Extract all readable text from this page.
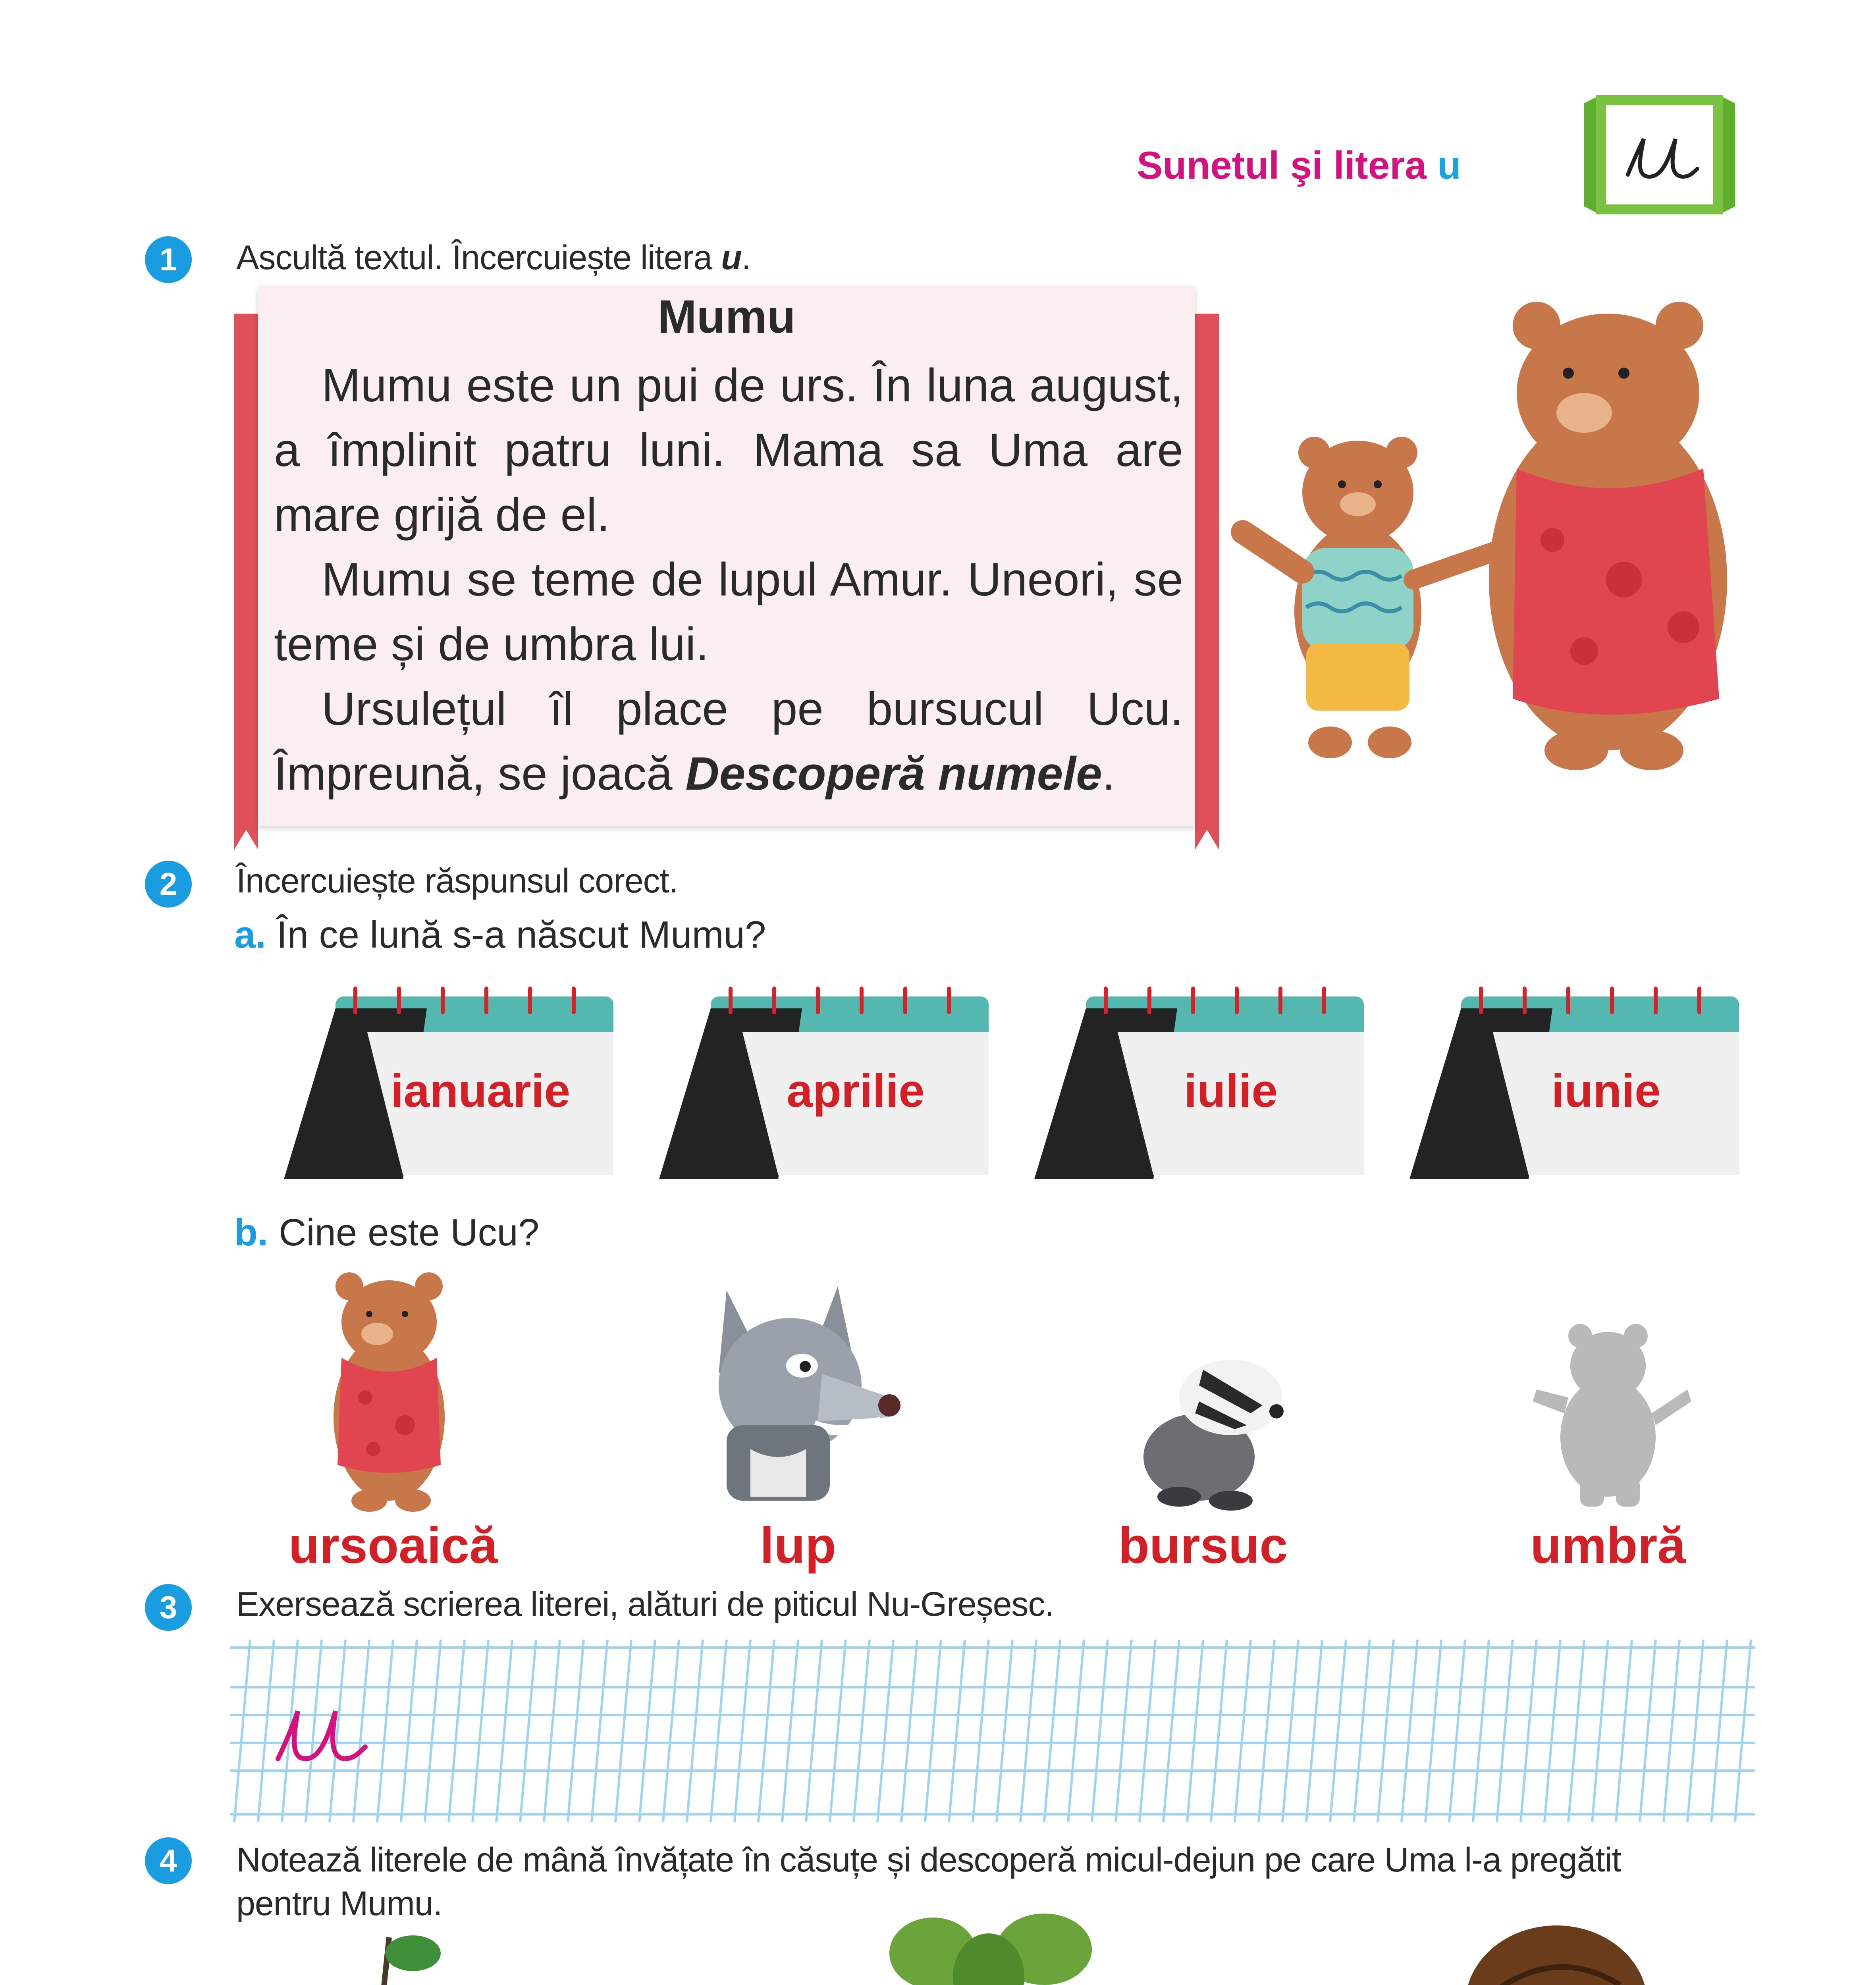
Sunetul şi litera u
1	Ascultă textul. Încercuiește litera u.
Mumu

Mumu este un pui de urs. În luna august, a împlinit patru luni. Mama sa Uma are mare grijă de el.

Mumu se teme de lupul Amur. Uneori, se teme și de umbra lui.

Ursulețul îl place pe bursucul Ucu. Împreună, se joacă Descoperă numele.

2	Încercuiește răspunsul corect.
a. În ce lună s-a născut Mumu?
ianuarie	aprilie	iulie	iunie
b. Cine este Ucu?
ursoaică	lup	bursuc	umbră
3	Exersează scrierea literei, alături de piticul Nu-Greșesc.
4	Notează literele de mână învățate în căsuțe și descoperă micul-dejun pe care Uma l-a pregătit
pentru Mumu.
